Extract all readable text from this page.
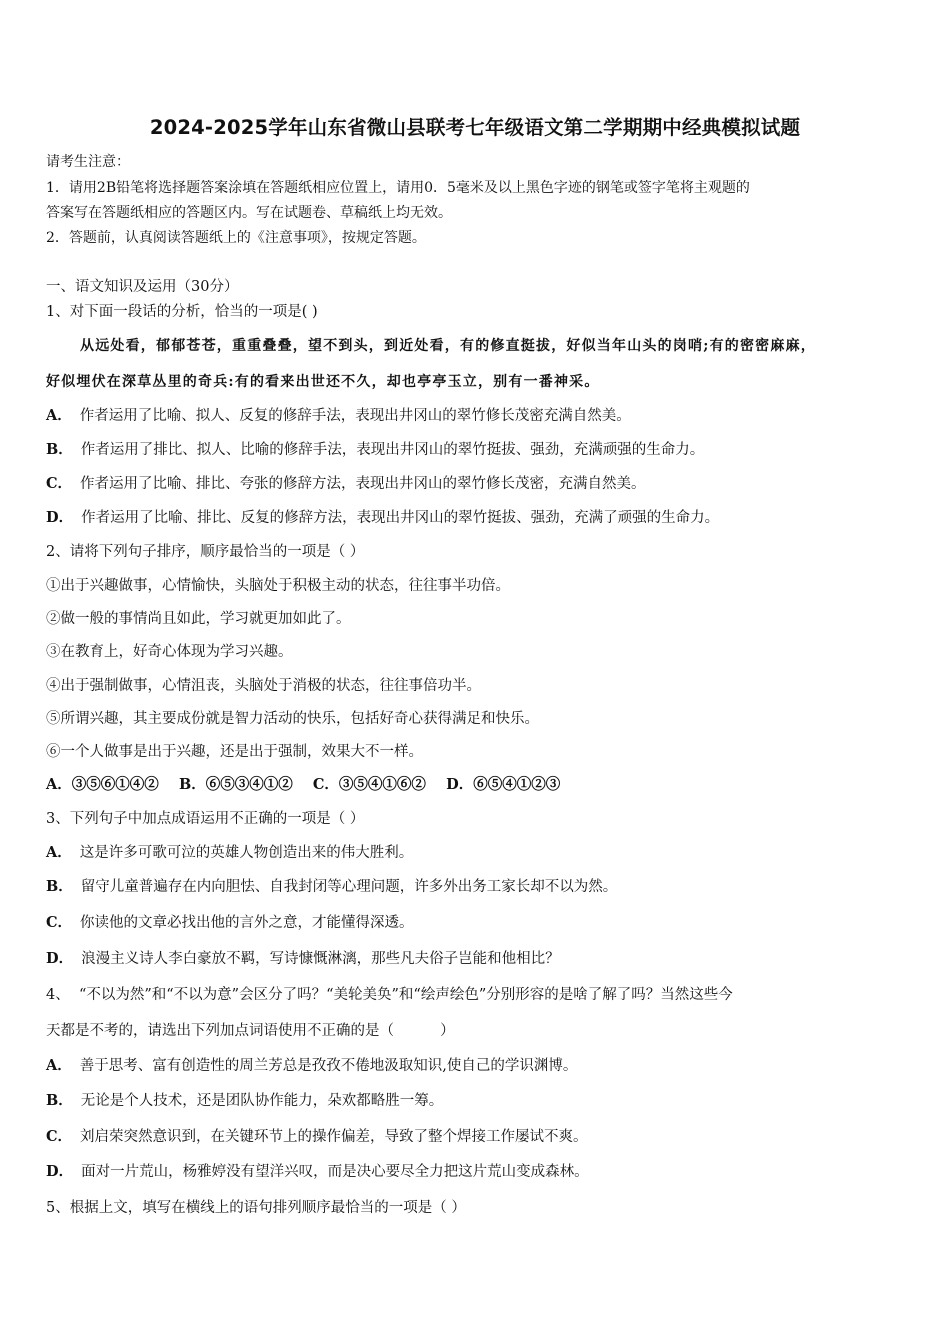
2024-2025学年山东省微山县联考七年级语文第二学期期中经典模拟试题
请考生注意：
1．请用2B铅笔将选择题答案涂填在答题纸相应位置上，请用0．5毫米及以上黑色字迹的钢笔或签字笔将主观题的
答案写在答题纸相应的答题区内。写在试题卷、草稿纸上均无效。
2．答题前，认真阅读答题纸上的《注意事项》，按规定答题。
一、语文知识及运用（30分）
1、对下面一段话的分析，恰当的一项是( )
从远处看，郁郁苍苍，重重叠叠，望不到头，到近处看，有的修直挺拔，好似当年山头的岗哨;有的密密麻麻，
好似埋伏在深草丛里的奇兵:有的看来出世还不久，却也亭亭玉立，别有一番神采。
A． 作者运用了比喻、拟人、反复的修辞手法，表现出井冈山的翠竹修长茂密充满自然美。
B． 作者运用了排比、拟人、比喻的修辞手法，表现出井冈山的翠竹挺拔、强劲，充满顽强的生命力。
C． 作者运用了比喻、排比、夸张的修辞方法，表现出井冈山的翠竹修长茂密，充满自然美。
D． 作者运用了比喻、排比、反复的修辞方法，表现出井冈山的翠竹挺拔、强劲，充满了顽强的生命力。
2、请将下列句子排序，顺序最恰当的一项是（ ）
①出于兴趣做事，心情愉快，头脑处于积极主动的状态，往往事半功倍。
②做一般的事情尚且如此，学习就更加如此了。
③在教育上，好奇心体现为学习兴趣。
④出于强制做事，心情沮丧，头脑处于消极的状态，往往事倍功半。
⑤所谓兴趣，其主要成份就是智力活动的快乐，包括好奇心获得满足和快乐。
⑥一个人做事是出于兴趣，还是出于强制，效果大不一样。
A．③⑤⑥①④②    B．⑥⑤③④①②    C．③⑤④①⑥②    D．⑥⑤④①②③
3、下列句子中加点成语运用不正确的一项是（ ）
A． 这是许多可歌可泣的英雄人物创造出来的伟大胜利。
B． 留守儿童普遍存在内向胆怯、自我封闭等心理问题，许多外出务工家长却不以为然。
C． 你读他的文章必找出他的言外之意，才能懂得深透。
D． 浪漫主义诗人李白豪放不羁，写诗慷慨淋漓，那些凡夫俗子岂能和他相比？
4、  “不以为然”和“不以为意”会区分了吗？“美轮美奂”和“绘声绘色”分别形容的是啥了解了吗？当然这些今
天都是不考的，请选出下列加点词语使用不正确的是（          ）
A． 善于思考、富有创造性的周兰芳总是孜孜不倦地汲取知识,使自己的学识渊博。
B． 无论是个人技术，还是团队协作能力，朵欢都略胜一筹。
C． 刘启荣突然意识到，在关键环节上的操作偏差，导致了整个焊接工作屡试不爽。
D． 面对一片荒山，杨雅婷没有望洋兴叹，而是决心要尽全力把这片荒山变成森林。
5、根据上文，填写在横线上的语句排列顺序最恰当的一项是（ ）
